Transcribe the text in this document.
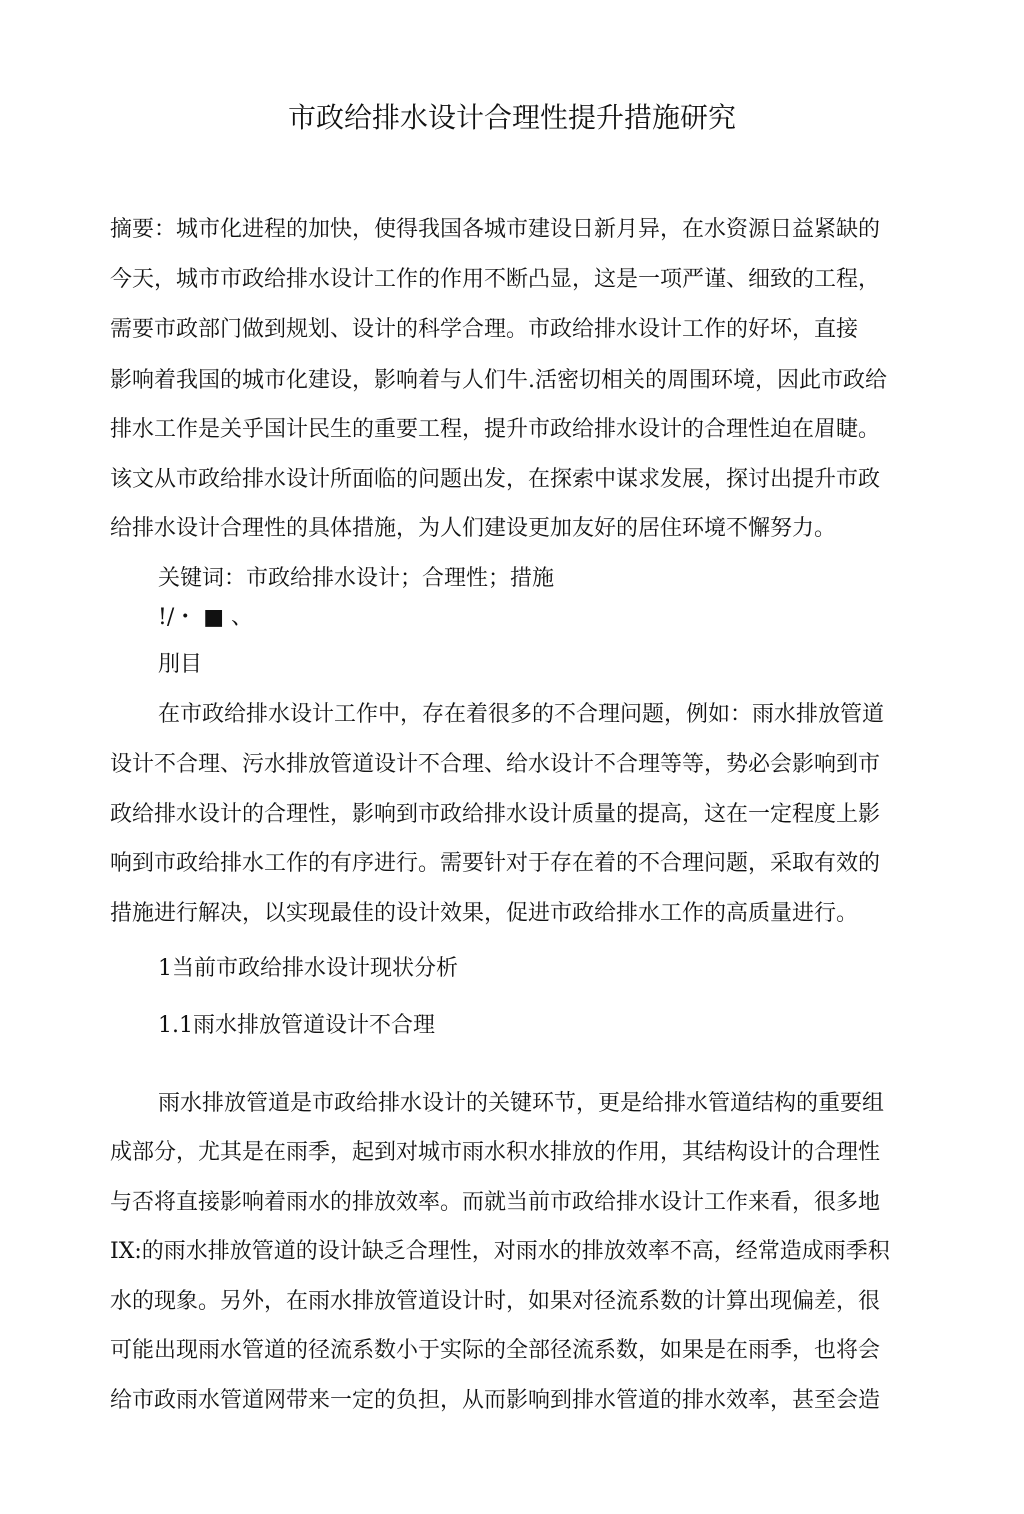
市政给排水设计合理性提升措施研究
摘要：城市化进程的加快，使得我国各城市建设日新月异，在水资源日益紧缺的
今天，城市市政给排水设计工作的作用不断凸显，这是一项严谨、细致的工程，
需要市政部门做到规划、设计的科学合理。市政给排水设计工作的好坏，直接
影响着我国的城市化建设，影响着与人们牛.活密切相关的周围环境，因此市政给
排水工作是关乎国计民生的重要工程，提升市政给排水设计的合理性迫在眉睫。
该文从市政给排水设计所面临的问题出发，在探索中谋求发展，探讨出提升市政
给排水设计合理性的具体措施，为人们建设更加友好的居住环境不懈努力。
关键词：市政给排水设计；合理性；措施
!/・ ■ 、
刖目
在市政给排水设计工作中，存在着很多的不合理问题，例如：雨水排放管道
设计不合理、污水排放管道设计不合理、给水设计不合理等等，势必会影响到市
政给排水设计的合理性，影响到市政给排水设计质量的提高，这在一定程度上影
响到市政给排水工作的有序进行。需要针对于存在着的不合理问题，采取有效的
措施进行解决，以实现最佳的设计效果，促进市政给排水工作的高质量进行。
1当前市政给排水设计现状分析
1.1雨水排放管道设计不合理
雨水排放管道是市政给排水设计的关键环节，更是给排水管道结构的重要组
成部分，尤其是在雨季，起到对城市雨水积水排放的作用，其结构设计的合理性
与否将直接影响着雨水的排放效率。而就当前市政给排水设计工作来看，很多地
IX:的雨水排放管道的设计缺乏合理性，对雨水的排放效率不高，经常造成雨季积
水的现象。另外，在雨水排放管道设计时，如果对径流系数的计算出现偏差，很
可能出现雨水管道的径流系数小于实际的全部径流系数，如果是在雨季，也将会
给市政雨水管道网带来一定的负担，从而影响到排水管道的排水效率，甚至会造
